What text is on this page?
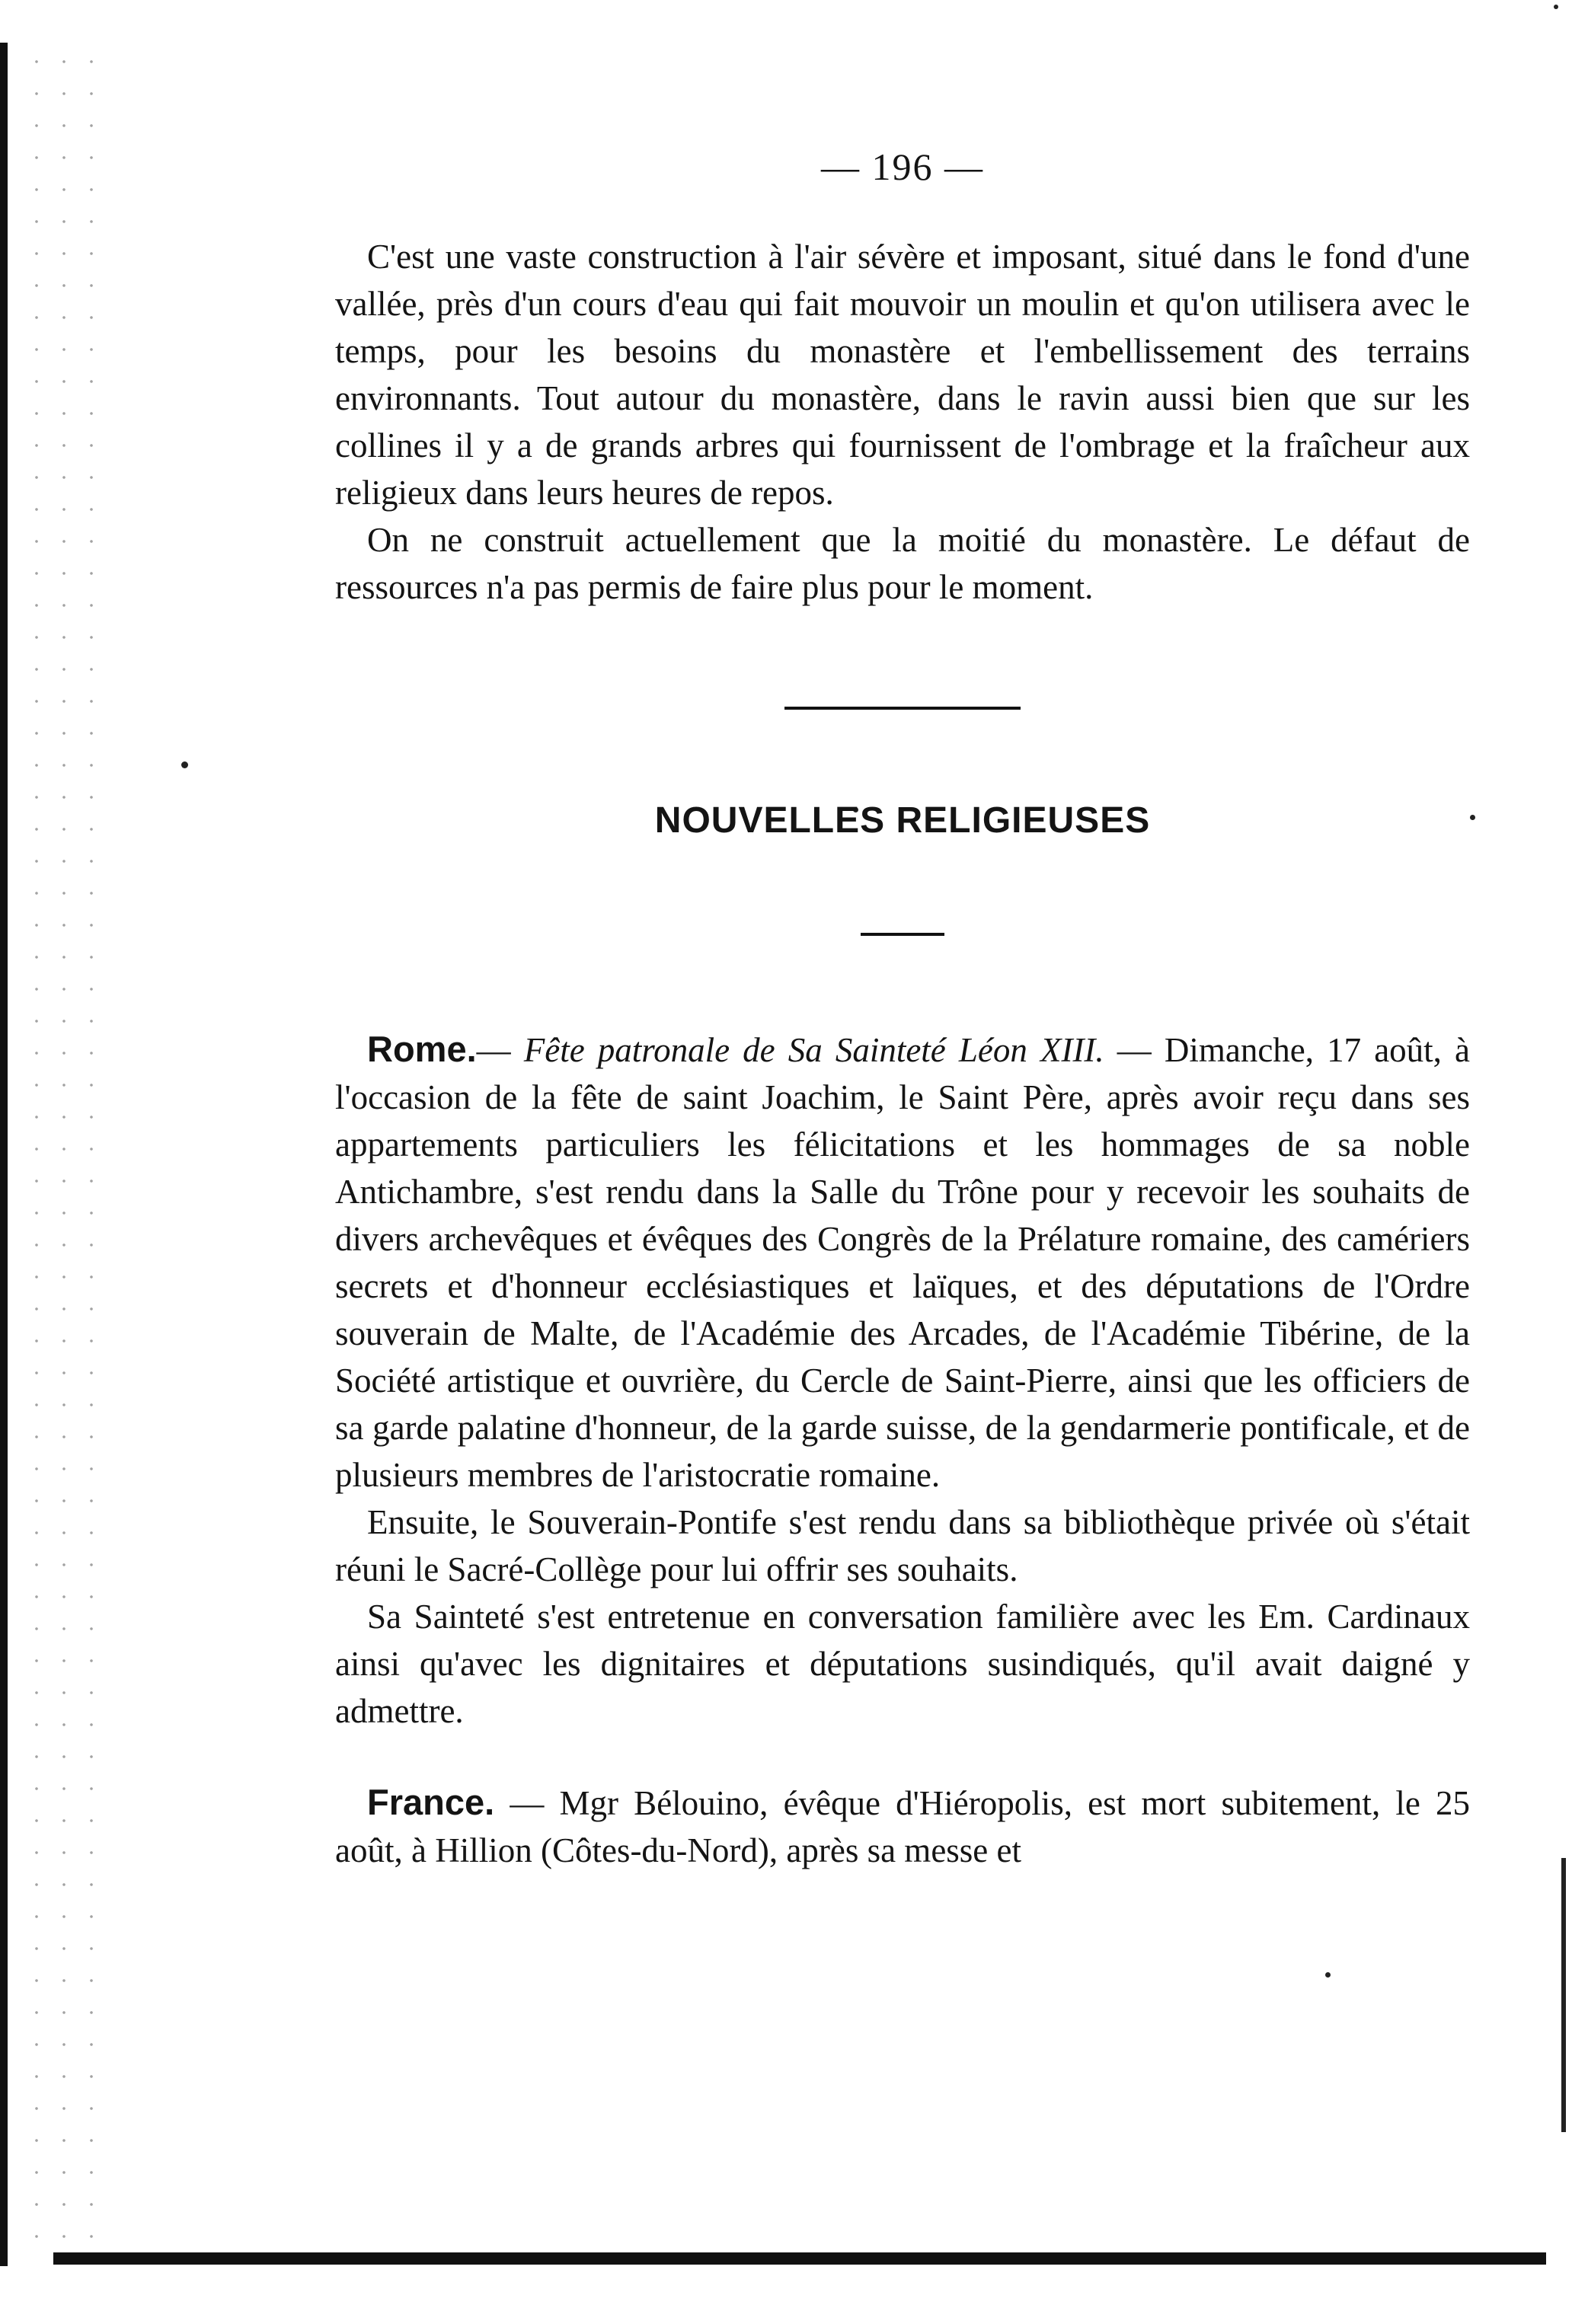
— 196 —

C'est une vaste construction à l'air sévère et imposant, situé dans le fond d'une vallée, près d'un cours d'eau qui fait mouvoir un moulin et qu'on utilisera avec le temps, pour les besoins du monastère et l'embellissement des terrains environnants. Tout autour du monastère, dans le ravin aussi bien que sur les collines il y a de grands arbres qui fournissent de l'ombrage et la fraîcheur aux religieux dans leurs heures de repos.

On ne construit actuellement que la moitié du monastère. Le défaut de ressources n'a pas permis de faire plus pour le moment.

NOUVELLES RELIGIEUSES

Rome.— Fête patronale de Sa Sainteté Léon XIII. — Dimanche, 17 août, à l'occasion de la fête de saint Joachim, le Saint Père, après avoir reçu dans ses appartements particuliers les félicitations et les hommages de sa noble Antichambre, s'est rendu dans la Salle du Trône pour y recevoir les souhaits de divers archevêques et évêques des Congrès de la Prélature romaine, des camériers secrets et d'honneur ecclésiastiques et laïques, et des députations de l'Ordre souverain de Malte, de l'Académie des Arcades, de l'Académie Tibérine, de la Société artistique et ouvrière, du Cercle de Saint-Pierre, ainsi que les officiers de sa garde palatine d'honneur, de la garde suisse, de la gendarmerie pontificale, et de plusieurs membres de l'aristocratie romaine.

Ensuite, le Souverain-Pontife s'est rendu dans sa bibliothèque privée où s'était réuni le Sacré-Collège pour lui offrir ses souhaits.

Sa Sainteté s'est entretenue en conversation familière avec les Em. Cardinaux ainsi qu'avec les dignitaires et députations susindiqués, qu'il avait daigné y admettre.

France. — Mgr Bélouino, évêque d'Hiéropolis, est mort subitement, le 25 août, à Hillion (Côtes-du-Nord), après sa messe et
